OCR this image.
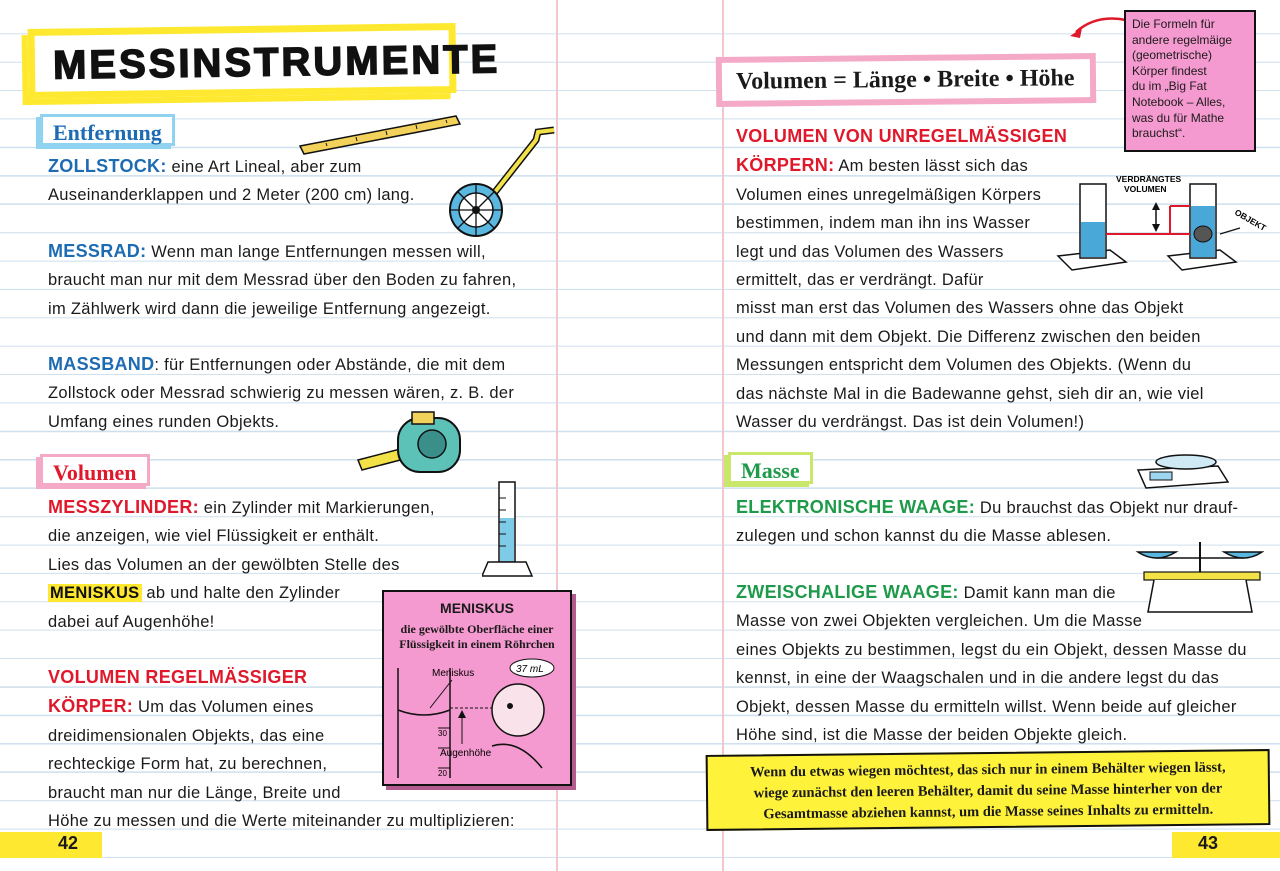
MESSINSTRUMENTE
Entfernung
ZOLLSTOCK: eine Art Lineal, aber zum
Auseinanderklappen und 2 Meter (200 cm) lang.
MESSRAD: Wenn man lange Entfernungen messen will,
braucht man nur mit dem Messrad über den Boden zu fahren,
im Zählwerk wird dann die jeweilige Entfernung angezeigt.
MASSBAND: für Entfernungen oder Abstände, die mit dem
Zollstock oder Messrad schwierig zu messen wären, z. B. der
Umfang eines runden Objekts.
Volumen
MESSZYLINDER: ein Zylinder mit Markierungen,
die anzeigen, wie viel Flüssigkeit er enthält.
Lies das Volumen an der gewölbten Stelle des
MENISKUS ab und halte den Zylinder
dabei auf Augenhöhe!
VOLUMEN REGELMÄSSIGER
KÖRPER: Um das Volumen eines
dreidimensionalen Objekts, das eine
rechteckige Form hat, zu berechnen,
braucht man nur die Länge, Breite und
Höhe zu messen und die Werte miteinander zu multiplizieren:
MENISKUS
die gewölbte Oberfläche einer
Flüssigkeit in einem Röhrchen
30
20
Meniskus
Augenhöhe
37 mL
42
Volumen = Länge • Breite • Höhe
Die Formeln für
andere regelmäige
(geometrische)
Körper findest
du im „Big Fat
Notebook – Alles,
was du für Mathe
brauchst“.
VOLUMEN VON UNREGELMÄSSIGEN
KÖRPERN: Am besten lässt sich das
Volumen eines unregelmäßigen Körpers
bestimmen, indem man ihn ins Wasser
legt und das Volumen des Wassers
ermittelt, das er verdrängt. Dafür
misst man erst das Volumen des Wassers ohne das Objekt
und dann mit dem Objekt. Die Differenz zwischen den beiden
Messungen entspricht dem Volumen des Objekts. (Wenn du
das nächste Mal in die Badewanne gehst, sieh dir an, wie viel
Wasser du verdrängst. Das ist dein Volumen!)
VERDRÄNGTES
VOLUMEN
OBJEKT
Masse
ELEKTRONISCHE WAAGE: Du brauchst das Objekt nur drauf-
zulegen und schon kannst du die Masse ablesen.
ZWEISCHALIGE WAAGE: Damit kann man die
Masse von zwei Objekten vergleichen. Um die Masse
eines Objekts zu bestimmen, legst du ein Objekt, dessen Masse du
kennst, in eine der Waagschalen und in die andere legst du das
Objekt, dessen Masse du ermitteln willst. Wenn beide auf gleicher
Höhe sind, ist die Masse der beiden Objekte gleich.
Wenn du etwas wiegen möchtest, das sich nur in einem Behälter wiegen lässt,
wiege zunächst den leeren Behälter, damit du seine Masse hinterher von der
Gesamtmasse abziehen kannst, um die Masse seines Inhalts zu ermitteln.
43
